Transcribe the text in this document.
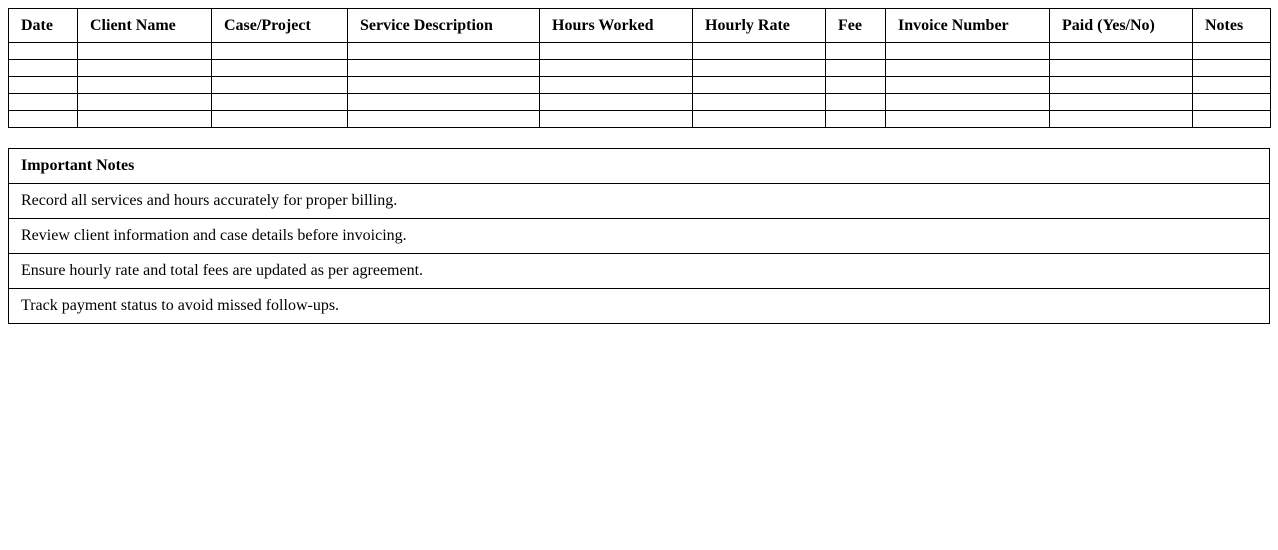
Date	Client Name	Case/Project	Service Description	Hours Worked	Hourly Rate	Fee	Invoice Number	Paid (Yes/No)	Notes

Important Notes
Record all services and hours accurately for proper billing.
Review client information and case details before invoicing.
Ensure hourly rate and total fees are updated as per agreement.
Track payment status to avoid missed follow-ups.
